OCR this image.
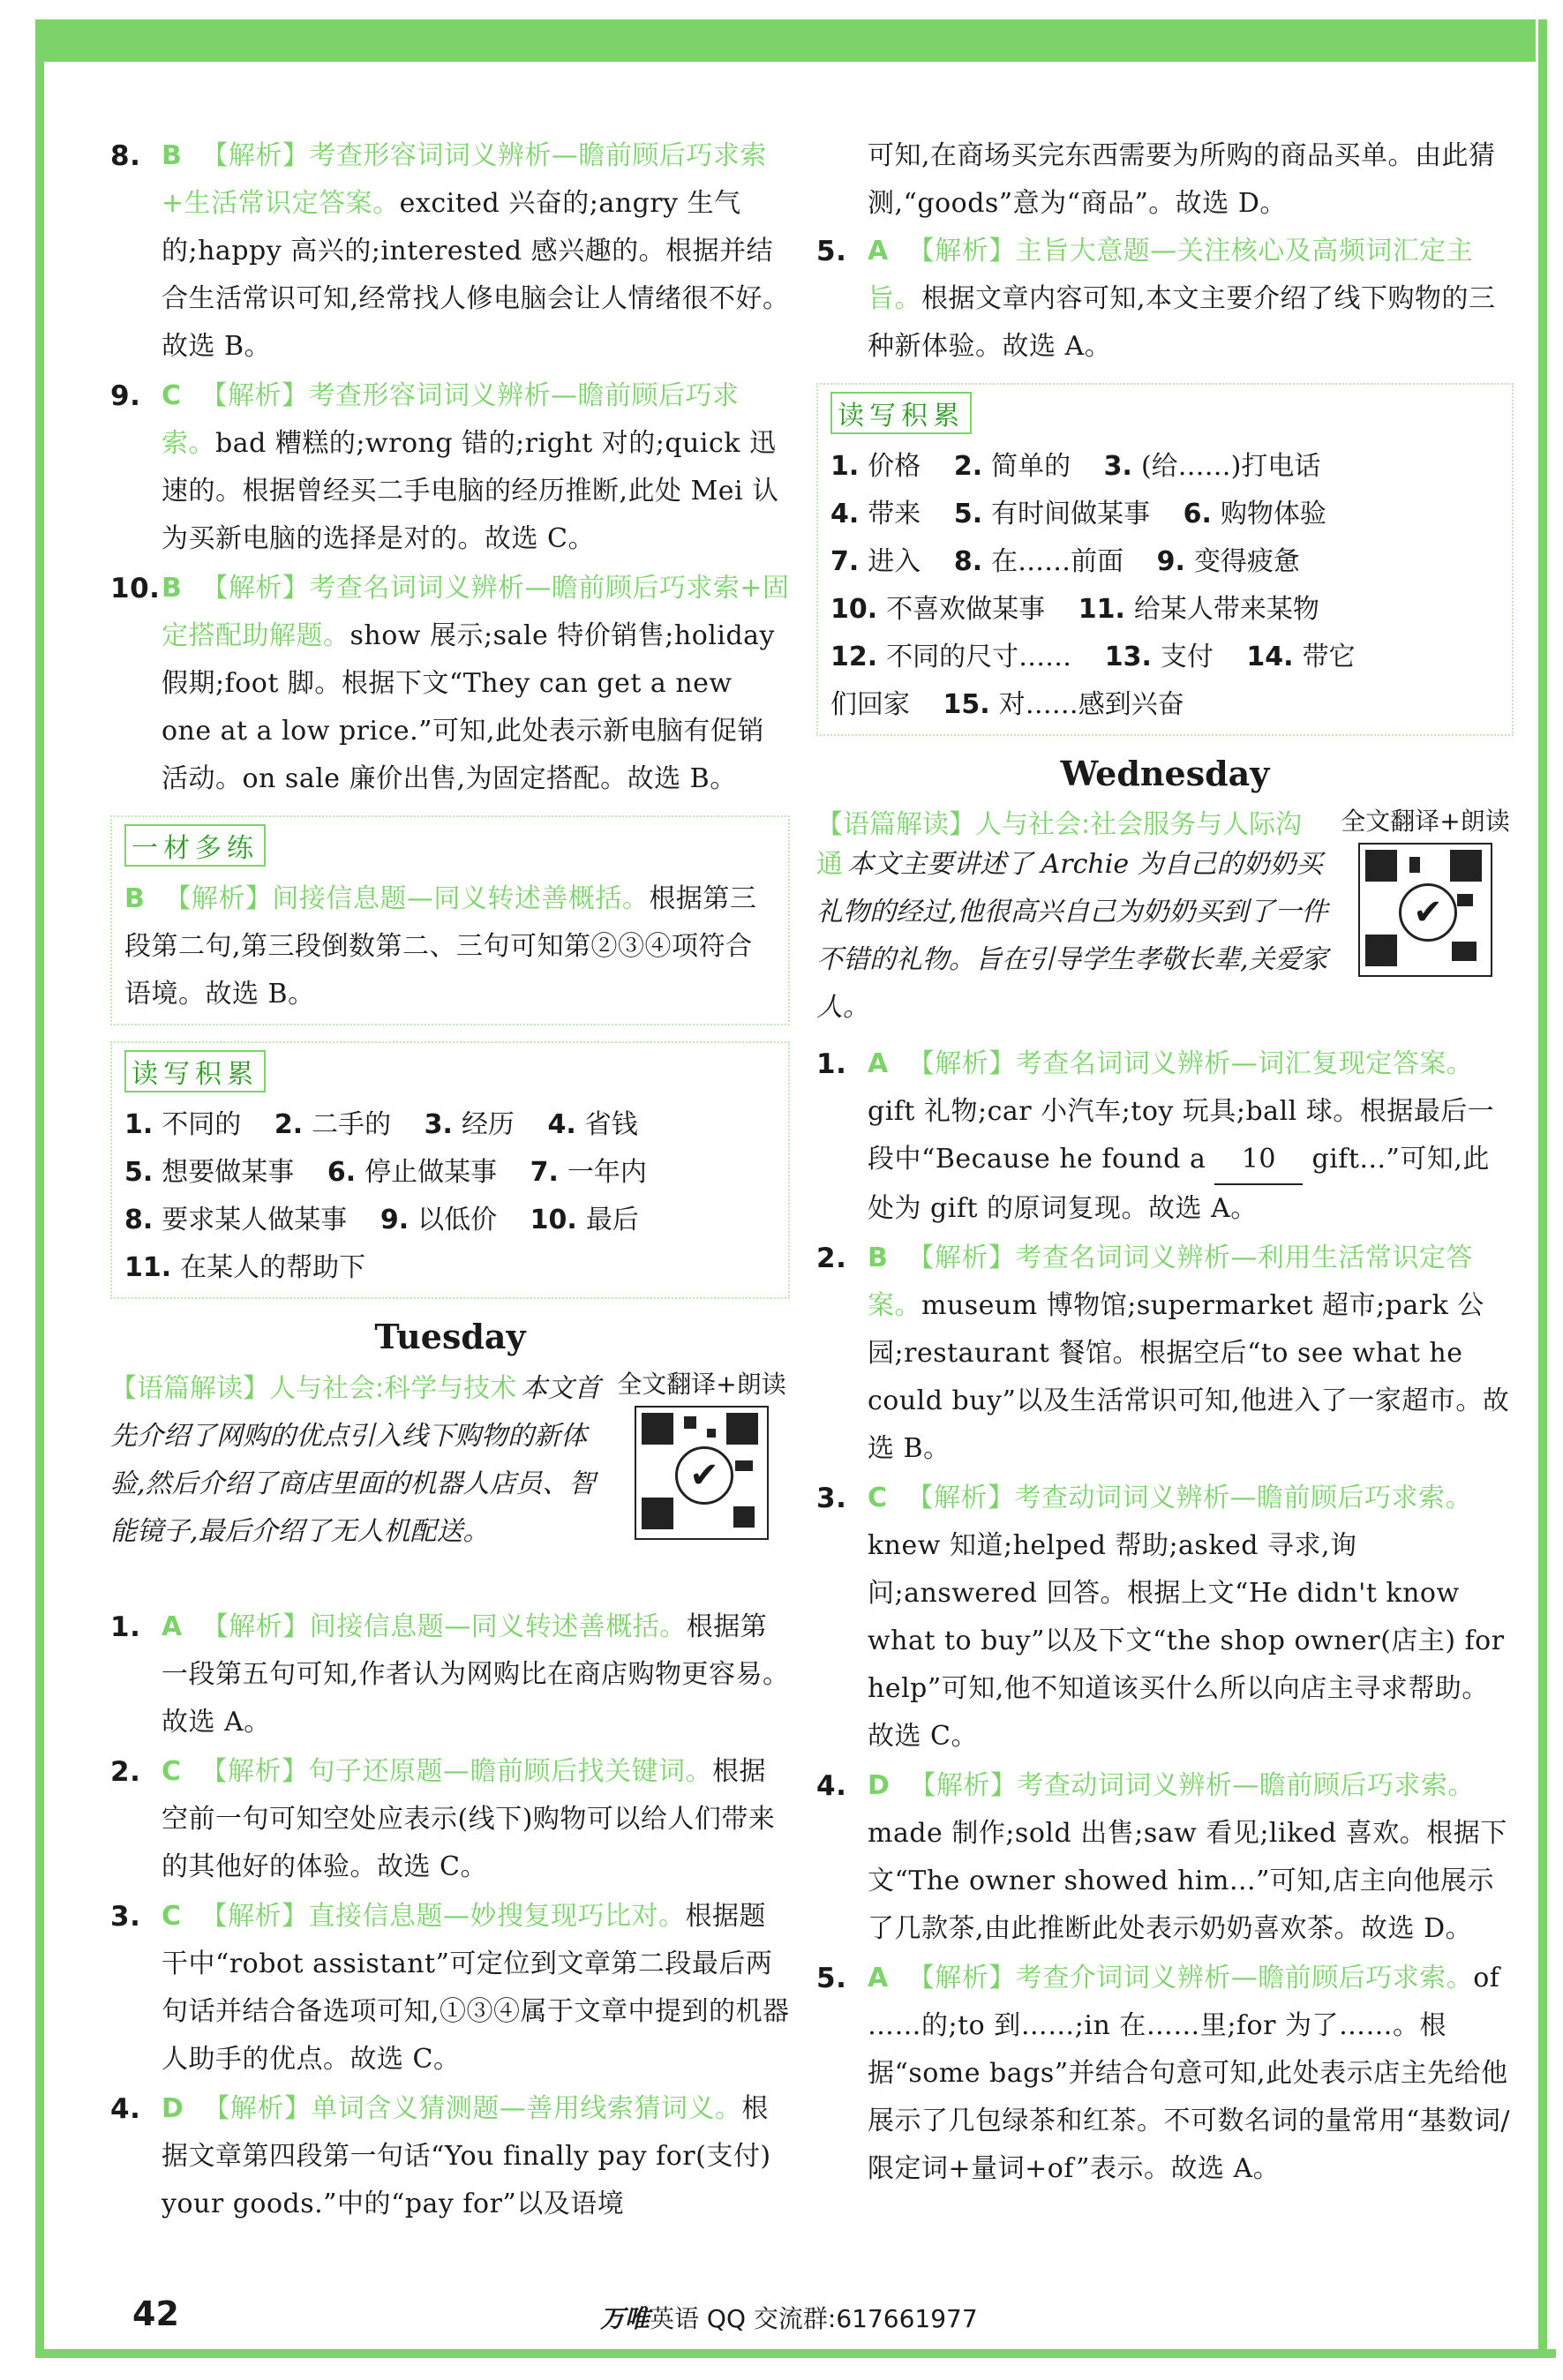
8. B 【解析】考查形容词词义辨析—瞻前顾后巧求索+生活常识定答案。excited 兴奋的;angry 生气的;happy 高兴的;interested 感兴趣的。根据并结合生活常识可知,经常找人修电脑会让人情绪很不好。故选 B。
9. C 【解析】考查形容词词义辨析—瞻前顾后巧求索。bad 糟糕的;wrong 错的;right 对的;quick 迅速的。根据曾经买二手电脑的经历推断,此处 Mei 认为买新电脑的选择是对的。故选 C。
10. B 【解析】考查名词词义辨析—瞻前顾后巧求索+固定搭配助解题。show 展示;sale 特价销售;holiday 假期;foot 脚。根据下文“They can get a new one at a low price.”可知,此处表示新电脑有促销活动。on sale 廉价出售,为固定搭配。故选 B。
一材多练
B 【解析】间接信息题—同义转述善概括。根据第三段第二句,第三段倒数第二、三句可知第②③④项符合语境。故选 B。
读写积累
1. 不同的 2. 二手的 3. 经历 4. 省钱
5. 想要做某事 6. 停止做某事 7. 一年内
8. 要求某人做某事 9. 以低价 10. 最后
11. 在某人的帮助下
Tuesday
【语篇解读】人与社会:科学与技术 本文首先介绍了网购的优点引入线下购物的新体验,然后介绍了商店里面的机器人店员、智能镜子,最后介绍了无人机配送。
全文翻译+朗读
✔
1. A 【解析】间接信息题—同义转述善概括。根据第一段第五句可知,作者认为网购比在商店购物更容易。故选 A。
2. C 【解析】句子还原题—瞻前顾后找关键词。根据空前一句可知空处应表示(线下)购物可以给人们带来的其他好的体验。故选 C。
3. C 【解析】直接信息题—妙搜复现巧比对。根据题干中“robot assistant”可定位到文章第二段最后两句话并结合备选项可知,①③④属于文章中提到的机器人助手的优点。故选 C。
4. D 【解析】单词含义猜测题—善用线索猜词义。根据文章第四段第一句话“You finally pay for(支付) your goods.”中的“pay for”以及语境
可知,在商场买完东西需要为所购的商品买单。由此猜测,“goods”意为“商品”。故选 D。
5. A 【解析】主旨大意题—关注核心及高频词汇定主旨。根据文章内容可知,本文主要介绍了线下购物的三种新体验。故选 A。
读写积累
1. 价格 2. 简单的 3. (给……)打电话
4. 带来 5. 有时间做某事 6. 购物体验
7. 进入 8. 在……前面 9. 变得疲惫
10. 不喜欢做某事 11. 给某人带来某物
12. 不同的尺寸…… 13. 支付 14. 带它
们回家 15. 对……感到兴奋
Wednesday
【语篇解读】人与社会:社会服务与人际沟通 本文主要讲述了 Archie 为自己的奶奶买礼物的经过,他很高兴自己为奶奶买到了一件不错的礼物。旨在引导学生孝敬长辈,关爱家人。
全文翻译+朗读
✔
1. A 【解析】考查名词词义辨析—词汇复现定答案。gift 礼物;car 小汽车;toy 玩具;ball 球。根据最后一段中“Because he found a 10 gift...”可知,此处为 gift 的原词复现。故选 A。
2. B 【解析】考查名词词义辨析—利用生活常识定答案。museum 博物馆;supermarket 超市;park 公园;restaurant 餐馆。根据空后“to see what he could buy”以及生活常识可知,他进入了一家超市。故选 B。
3. C 【解析】考查动词词义辨析—瞻前顾后巧求索。knew 知道;helped 帮助;asked 寻求,询问;answered 回答。根据上文“He didn't know what to buy”以及下文“the shop owner(店主) for help”可知,他不知道该买什么所以向店主寻求帮助。故选 C。
4. D 【解析】考查动词词义辨析—瞻前顾后巧求索。made 制作;sold 出售;saw 看见;liked 喜欢。根据下文“The owner showed him...”可知,店主向他展示了几款茶,由此推断此处表示奶奶喜欢茶。故选 D。
5. A 【解析】考查介词词义辨析—瞻前顾后巧求索。of ……的;to 到……;in 在……里;for 为了……。根据“some bags”并结合句意可知,此处表示店主先给他展示了几包绿茶和红茶。不可数名词的量常用“基数词/限定词+量词+of”表示。故选 A。
42	万唯英语 QQ 交流群:617661977
